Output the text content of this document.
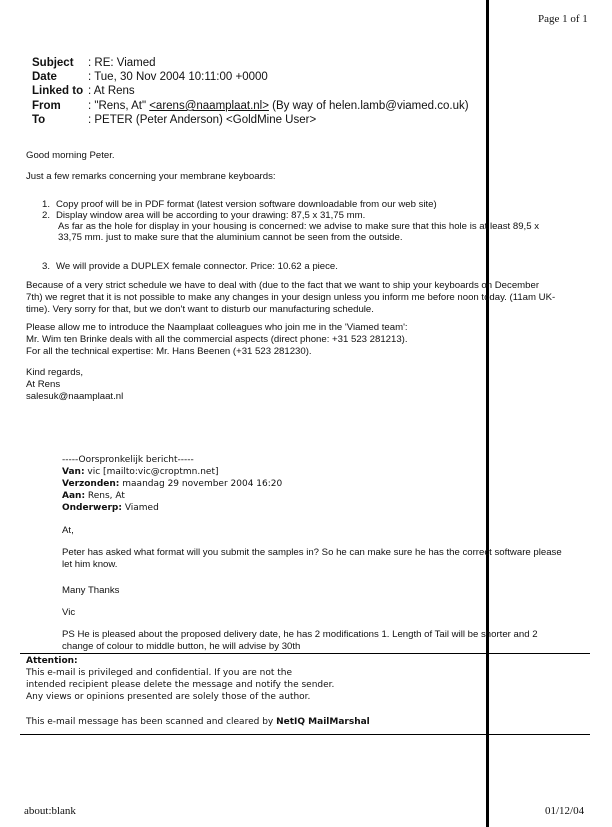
Page 1 of 1
Subject : RE: Viamed
Date	: Tue, 30 Nov 2004 10:11:00 +0000
Linked to : At Rens
From : "Rens, At" <arens@naamplaat.nl> (By way of helen.lamb@viamed.co.uk)
To	: PETER (Peter Anderson) <GoldMine User>
Good morning Peter.
Just a few remarks concerning your membrane keyboards:
1. Copy proof will be in PDF format (latest version software downloadable from our web site)
2. Display window area will be according to your drawing: 87,5 x 31,75 mm.
As far as the hole for display in your housing is concerned: we advise to make sure that this hole is at least 89,5 x
33,75 mm. just to make sure that the aluminium cannot be seen from the outside.
3. We will provide a DUPLEX female connector. Price: 10.62 a piece.
Because of a very strict schedule we have to deal with (due to the fact that we want to ship your keyboards on December
7th) we regret that it is not possible to make any changes in your design unless you inform me before noon today. (11am UK-
time). Very sorry for that, but we don't want to disturb our manufacturing schedule.
Please allow me to introduce the Naamplaat colleagues who join me in the 'Viamed team':
Mr. Wim ten Brinke deals with all the commercial aspects (direct phone: +31 523 281213).
For all the technical expertise: Mr. Hans Beenen (+31 523 281230).
Kind regards,
At Rens
salesuk@naamplaat.nl
-----Oorspronkelijk bericht-----
Van: vic [mailto:vic@croptmn.net]
Verzonden: maandag 29 november 2004 16:20
Aan: Rens, At
Onderwerp: Viamed
At,
Peter has asked what format will you submit the samples in? So he can make sure he has the correct software please
let him know.
Many Thanks
Vic
PS He is pleased about the proposed delivery date, he has 2 modifications 1. Length of Tail will be shorter and 2
change of colour to middle button, he will advise by 30th
Attention:
This e-mail is privileged and confidential. If you are not the
intended recipient please delete the message and notify the sender.
Any views or opinions presented are solely those of the author.
This e-mail message has been scanned and cleared by NetIQ MailMarshal
about:blank	01/12/04
